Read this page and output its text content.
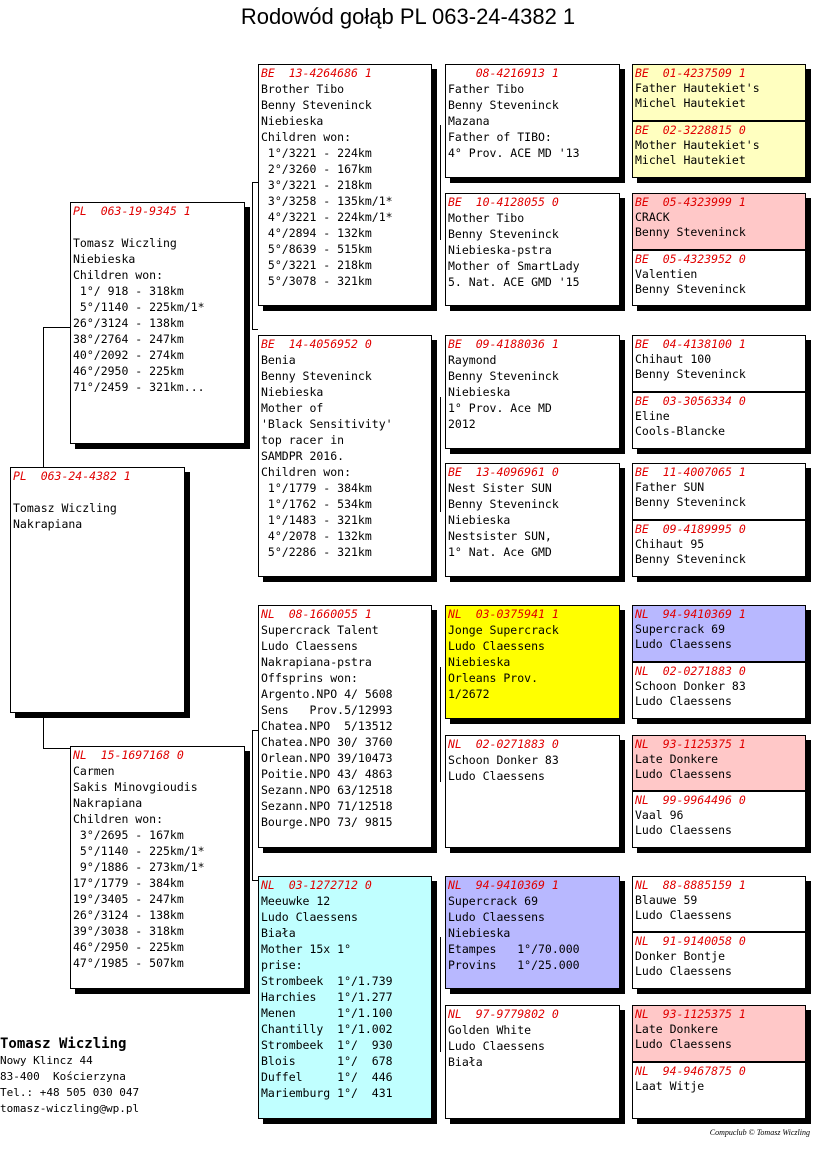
Rodowód gołąb PL 063-24-4382 1
PL  063-24-4382 1

Tomasz Wiczling
Nakrapiana
PL  063-19-9345 1

Tomasz Wiczling
Niebieska
Children won:
1°/ 918 - 318km
5°/1140 - 225km/1*
26°/3124 - 138km
38°/2764 - 247km
40°/2092 - 274km
46°/2950 - 225km
71°/2459 - 321km...
NL  15-1697168 0
Carmen
Sakis Minovgioudis
Nakrapiana
Children won:
3°/2695 - 167km
5°/1140 - 225km/1*
9°/1886 - 273km/1*
17°/1779 - 384km
19°/3405 - 247km
26°/3124 - 138km
39°/3038 - 318km
46°/2950 - 225km
47°/1985 - 507km
BE  13-4264686 1
Brother Tibo
Benny Steveninck
Niebieska
Children won:
1°/3221 - 224km
2°/3260 - 167km
3°/3221 - 218km
3°/3258 - 135km/1*
4°/3221 - 224km/1*
4°/2894 - 132km
5°/8639 - 515km
5°/3221 - 218km
5°/3078 - 321km
BE  14-4056952 0
Benia
Benny Steveninck
Niebieska
Mother of
'Black Sensitivity'
top racer in
SAMDPR 2016.
Children won:
1°/1779 - 384km
1°/1762 - 534km
1°/1483 - 321km
4°/2078 - 132km
5°/2286 - 321km
NL  08-1660055 1
Supercrack Talent
Ludo Claessens
Nakrapiana-pstra
Offsprins won:
Argento.NPO 4/ 5608
Sens   Prov.5/12993
Chatea.NPO  5/13512
Chatea.NPO 30/ 3760
Orlean.NPO 39/10473
Poitie.NPO 43/ 4863
Sezann.NPO 63/12518
Sezann.NPO 71/12518
Bourge.NPO 73/ 9815
NL  03-1272712 0
Meeuwke 12
Ludo Claessens
Biała
Mother 15x 1°
prise:
Strombeek  1°/1.739
Harchies   1°/1.277
Menen      1°/1.100
Chantilly  1°/1.002
Strombeek  1°/  930
Blois      1°/  678
Duffel     1°/  446
Mariemburg 1°/  431
08-4216913 1
Father Tibo
Benny Steveninck
Mazana
Father of TIBO:
4° Prov. ACE MD '13
BE  10-4128055 0
Mother Tibo
Benny Steveninck
Niebieska-pstra
Mother of SmartLady
5. Nat. ACE GMD '15
BE  09-4188036 1
Raymond
Benny Steveninck
Niebieska
1° Prov. Ace MD
2012
BE  13-4096961 0
Nest Sister SUN
Benny Steveninck
Niebieska
Nestsister SUN,
1° Nat. Ace GMD
NL  03-0375941 1
Jonge Supercrack
Ludo Claessens
Niebieska
Orleans Prov.
1/2672
NL  02-0271883 0
Schoon Donker 83
Ludo Claessens
NL  94-9410369 1
Supercrack 69
Ludo Claessens
Niebieska
Etampes   1°/70.000
Provins   1°/25.000
NL  97-9779802 0
Golden White
Ludo Claessens
Biała
BE  01-4237509 1
Father Hautekiet's
Michel Hautekiet
BE  02-3228815 0
Mother Hautekiet's
Michel Hautekiet
BE  05-4323999 1
CRACK
Benny Steveninck
BE  05-4323952 0
Valentien
Benny Steveninck
BE  04-4138100 1
Chihaut 100
Benny Steveninck
BE  03-3056334 0
Eline
Cools-Blancke
BE  11-4007065 1
Father SUN
Benny Steveninck
BE  09-4189995 0
Chihaut 95
Benny Steveninck
NL  94-9410369 1
Supercrack 69
Ludo Claessens
NL  02-0271883 0
Schoon Donker 83
Ludo Claessens
NL  93-1125375 1
Late Donkere
Ludo Claessens
NL  99-9964496 0
Vaal 96
Ludo Claessens
NL  88-8885159 1
Blauwe 59
Ludo Claessens
NL  91-9140058 0
Donker Bontje
Ludo Claessens
NL  93-1125375 1
Late Donkere
Ludo Claessens
NL  94-9467875 0
Laat Witje
Tomasz Wiczling
Nowy Klincz 44
83-400  Kościerzyna
Tel.: +48 505 030 047
tomasz-wiczling@wp.pl
Compuclub © Tomasz Wiczling
